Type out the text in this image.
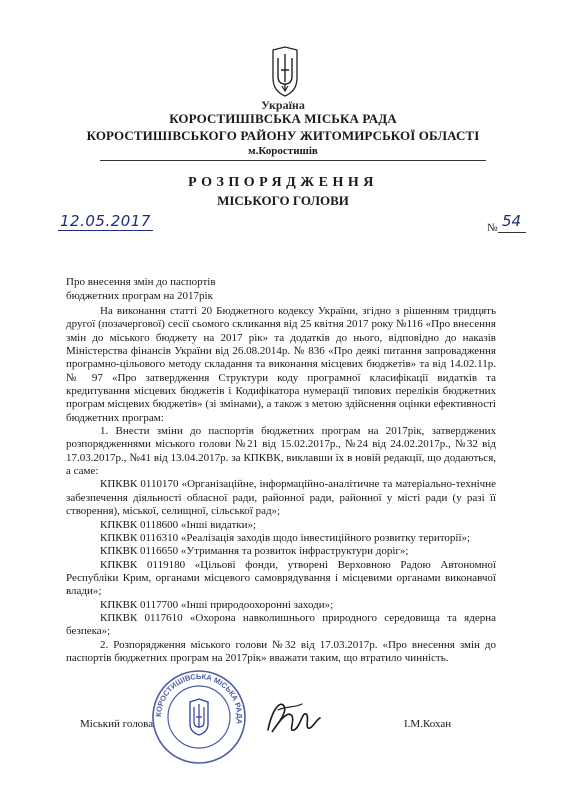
Україна
КОРОСТИШІВСЬКА МІСЬКА РАДА
КОРОСТИШІВСЬКОГО РАЙОНУ ЖИТОМИРСЬКОЇ ОБЛАСТІ
м.Коростишів
РОЗПОРЯДЖЕННЯ
МІСЬКОГО ГОЛОВИ
12.05.2017	№ 54
Про внесення змін до паспортів
бюджетних програм на 2017рік

На виконання статті 20 Бюджетного кодексу України, згідно з рішенням тридцять другої (позачергової) сесії сьомого скликання від 25 квітня 2017 року №116 «Про внесення змін до міського бюджету на 2017 рік» та додатків до нього, відповідно до наказів Міністерства фінансів України від 26.08.2014р. № 836 «Про деякі питання запровадження програмно-цільового методу складання та виконання місцевих бюджетів» та від 14.02.11р. № 97 «Про затвердження Структури коду програмної класифікації видатків та кредитування місцевих бюджетів і Кодифікатора нумерації типових переліків бюджетних програм місцевих бюджетів» (зі змінами), а також з метою здійснення оцінки ефективності бюджетних програм:

1. Внести зміни до паспортів бюджетних програм на 2017рік, затверджених розпорядженнями міського голови №21 від 15.02.2017р., №24 від 24.02.2017р., №32 від 17.03.2017р., №41 від 13.04.2017р. за КПКВК, виклавши їх в новій редакції, що додаються, а саме:

КПКВК 0110170 «Організаційне, інформаційно-аналітичне та матеріально-технічне забезпечення діяльності обласної ради, районної ради, районної у місті ради (у разі її створення), міської, селищної, сільської рад»;

КПКВК 0118600 «Інші видатки»;

КПКВК 0116310 «Реалізація заходів щодо інвестиційного розвитку території»;

КПКВК 0116650 «Утримання та розвиток інфраструктури доріг»;

КПКВК 0119180 «Цільові фонди, утворені Верховною Радою Автономної Республіки Крим, органами місцевого самоврядування і місцевими органами виконавчої влади»;

КПКВК 0117700 «Інші природоохоронні заходи»;

КПКВК 0117610 «Охорона навколишнього природного середовища та ядерна безпека»;

2. Розпорядження міського голови №32 від 17.03.2017р. «Про внесення змін до паспортів бюджетних програм на 2017рік» вважати таким, що втратило чинність.

Міський голова
КОРОСТИШІВСЬКА МІСЬКА РАДА	І.М.Кохан
